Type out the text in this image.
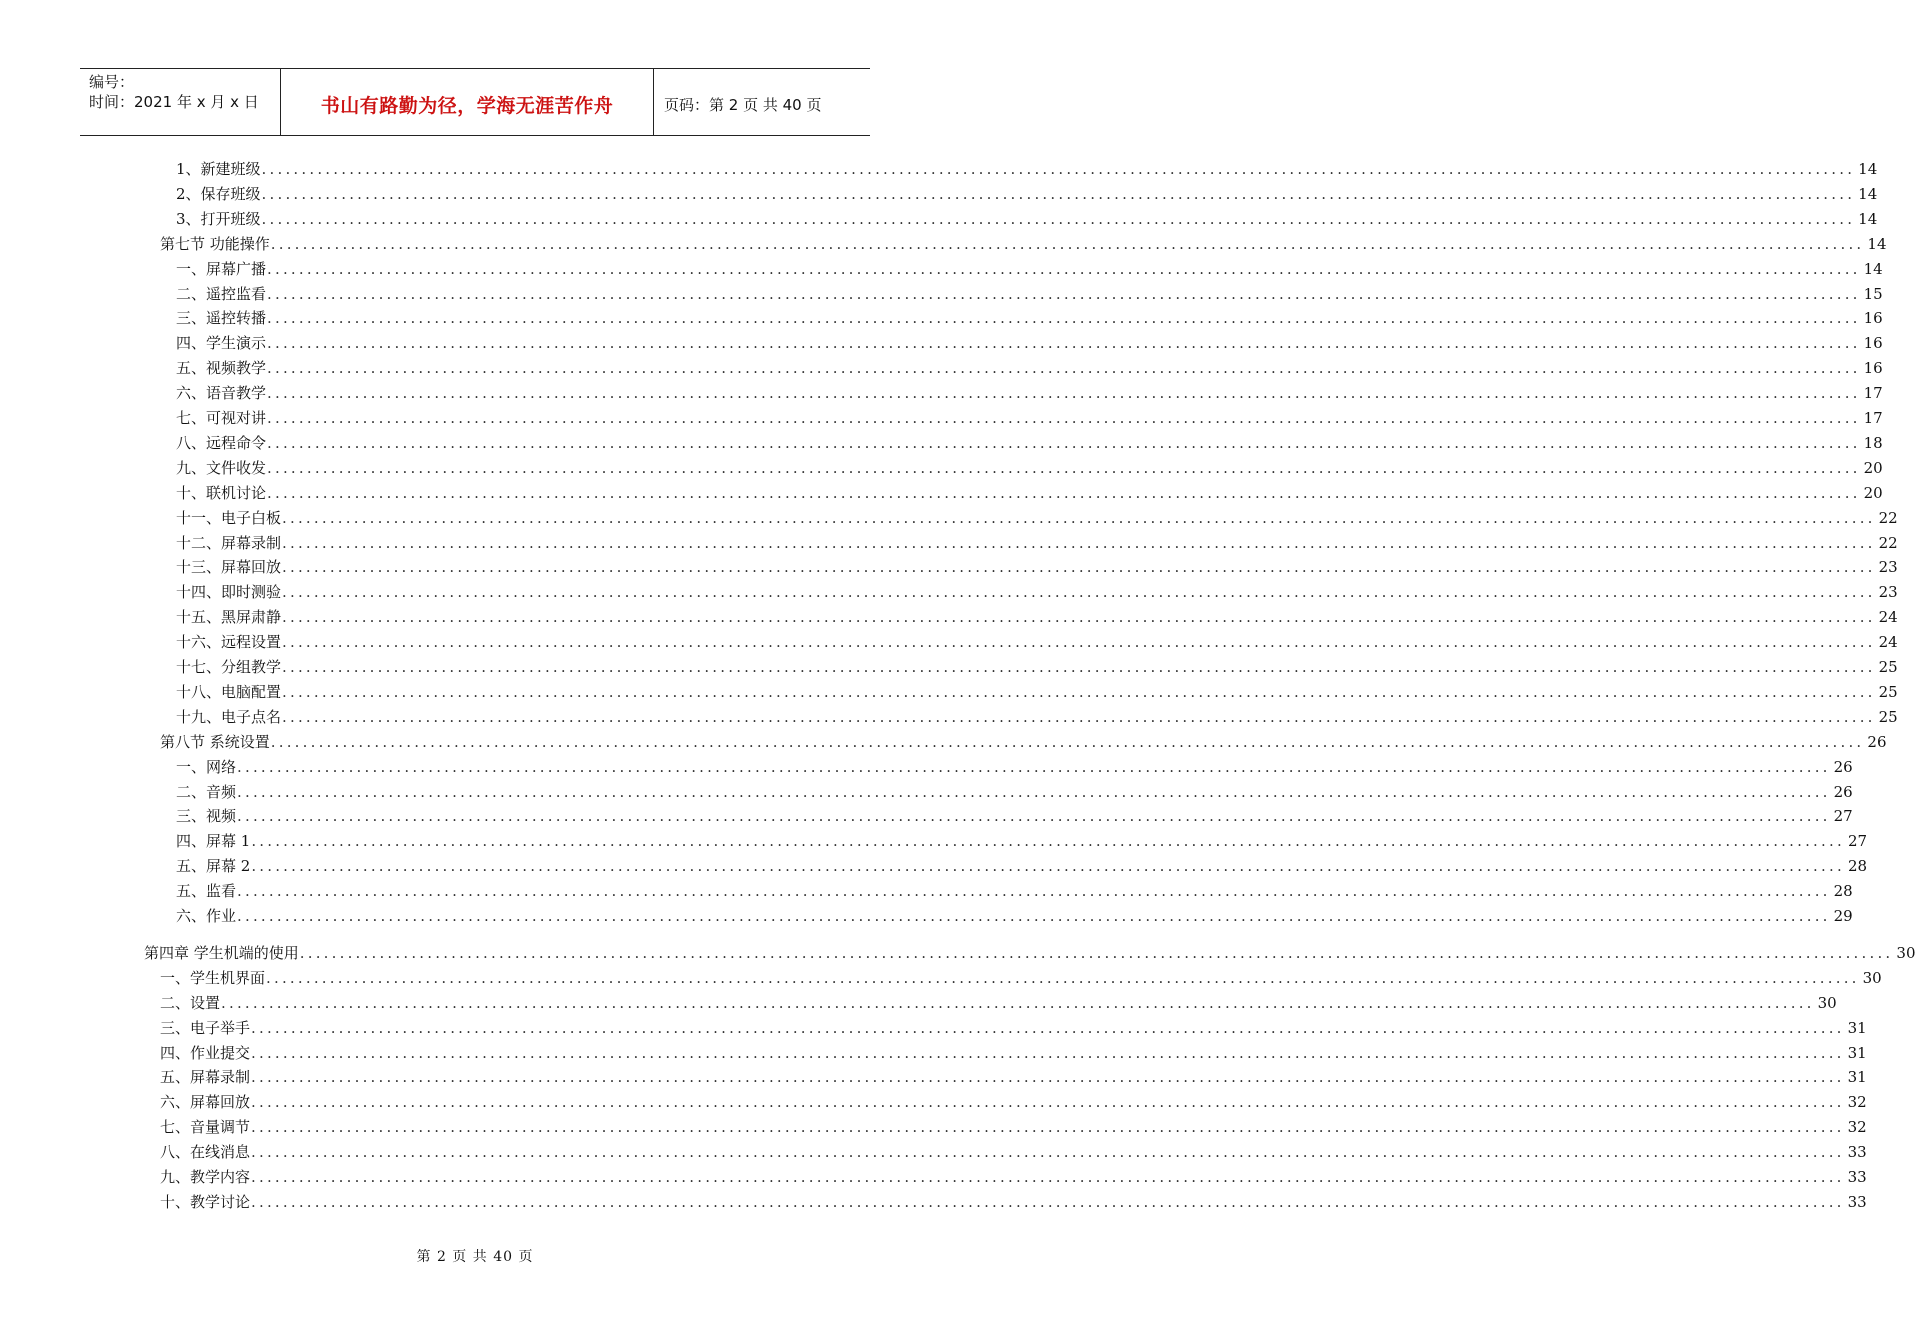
编号：
时间：2021 年 x 月 x 日	书山有路勤为径，学海无涯苦作舟	页码：第 2 页 共 40 页
1、新建班级 ........................................................................................................................................................................................................ 14
2、保存班级 ........................................................................................................................................................................................................ 14
3、打开班级 ........................................................................................................................................................................................................ 14
第七节 功能操作 ........................................................................................................................................................................................................ 14
一、屏幕广播 ........................................................................................................................................................................................................ 14
二、遥控监看 ........................................................................................................................................................................................................ 15
三、遥控转播 ........................................................................................................................................................................................................ 16
四、学生演示 ........................................................................................................................................................................................................ 16
五、视频教学 ........................................................................................................................................................................................................ 16
六、语音教学 ........................................................................................................................................................................................................ 17
七、可视对讲 ........................................................................................................................................................................................................ 17
八、远程命令 ........................................................................................................................................................................................................ 18
九、文件收发 ........................................................................................................................................................................................................ 20
十、联机讨论 ........................................................................................................................................................................................................ 20
十一、电子白板 ........................................................................................................................................................................................................ 22
十二、屏幕录制 ........................................................................................................................................................................................................ 22
十三、屏幕回放 ........................................................................................................................................................................................................ 23
十四、即时测验 ........................................................................................................................................................................................................ 23
十五、黑屏肃静 ........................................................................................................................................................................................................ 24
十六、远程设置 ........................................................................................................................................................................................................ 24
十七、分组教学 ........................................................................................................................................................................................................ 25
十八、电脑配置 ........................................................................................................................................................................................................ 25
十九、电子点名 ........................................................................................................................................................................................................ 25
第八节 系统设置 ........................................................................................................................................................................................................ 26
一、网络 ........................................................................................................................................................................................................ 26
二、音频 ........................................................................................................................................................................................................ 26
三、视频 ........................................................................................................................................................................................................ 27
四、屏幕 1 ........................................................................................................................................................................................................ 27
五、屏幕 2 ........................................................................................................................................................................................................ 28
五、监看 ........................................................................................................................................................................................................ 28
六、作业 ........................................................................................................................................................................................................ 29
第四章 学生机端的使用 ........................................................................................................................................................................................................ 30
一、学生机界面 ........................................................................................................................................................................................................ 30
二、设置 ........................................................................................................................................................................................................ 30
三、电子举手 ........................................................................................................................................................................................................ 31
四、作业提交 ........................................................................................................................................................................................................ 31
五、屏幕录制 ........................................................................................................................................................................................................ 31
六、屏幕回放 ........................................................................................................................................................................................................ 32
七、音量调节 ........................................................................................................................................................................................................ 32
八、在线消息 ........................................................................................................................................................................................................ 33
九、教学内容 ........................................................................................................................................................................................................ 33
十、教学讨论 ........................................................................................................................................................................................................ 33
第 2 页 共 40 页
